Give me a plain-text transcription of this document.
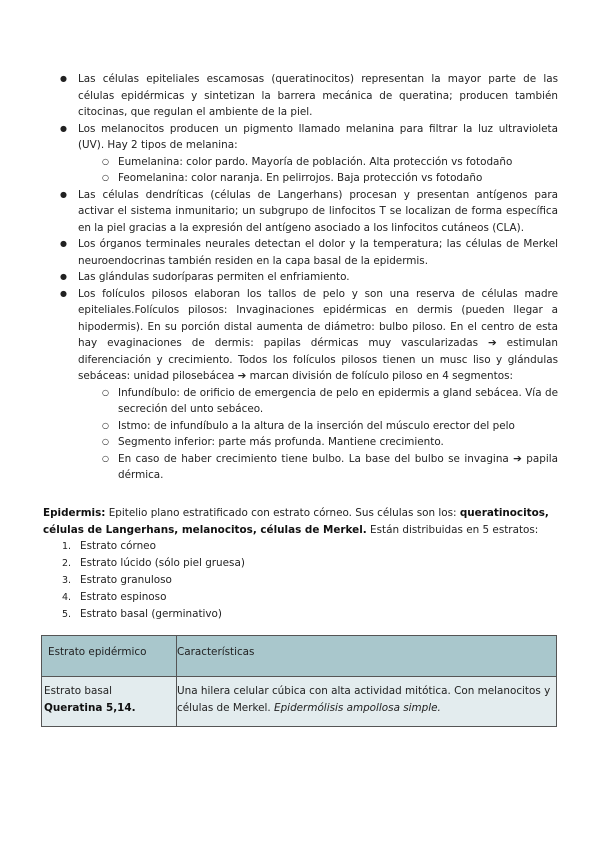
● Las células epiteliales escamosas (queratinocitos) representan la mayor parte de las células epidérmicas y sintetizan la barrera mecánica de queratina; producen también citocinas, que regulan el ambiente de la piel.
● Los melanocitos producen un pigmento llamado melanina para filtrar la luz ultravioleta (UV). Hay 2 tipos de melanina:
○ Eumelanina: color pardo. Mayoría de población. Alta protección vs fotodaño
○ Feomelanina: color naranja. En pelirrojos. Baja protección vs fotodaño
● Las células dendríticas (células de Langerhans) procesan y presentan antígenos para activar el sistema inmunitario; un subgrupo de linfocitos T se localizan de forma específica en la piel gracias a la expresión del antígeno asociado a los linfocitos cutáneos (CLA).
● Los órganos terminales neurales detectan el dolor y la temperatura; las células de Merkel neuroendocrinas también residen en la capa basal de la epidermis.
● Las glándulas sudoríparas permiten el enfriamiento.
● Los folículos pilosos elaboran los tallos de pelo y son una reserva de células madre epiteliales.Folículos pilosos: Invaginaciones epidérmicas en dermis (pueden llegar a hipodermis). En su porción distal aumenta de diámetro: bulbo piloso. En el centro de esta hay evaginaciones de dermis: papilas dérmicas muy vascularizadas ➔ estimulan diferenciación y crecimiento. Todos los folículos pilosos tienen un musc liso y glándulas sebáceas: unidad pilosebácea ➔ marcan división de folículo piloso en 4 segmentos:
○ Infundíbulo: de orificio de emergencia de pelo en epidermis a gland sebácea. Vía de secreción del unto sebáceo.
○ Istmo: de infundíbulo a la altura de la inserción del músculo erector del pelo
○ Segmento inferior: parte más profunda. Mantiene crecimiento.
○ En caso de haber crecimiento tiene bulbo. La base del bulbo se invagina ➔ papila dérmica.

Epidermis: Epitelio plano estratificado con estrato córneo. Sus células son los: queratinocitos, células de Langerhans, melanocitos, células de Merkel. Están distribuidas en 5 estratos:

1. Estrato córneo
2. Estrato lúcido (sólo piel gruesa)
3. Estrato granuloso
4. Estrato espinoso
5. Estrato basal (germinativo)
Estrato epidérmico	Características

Estrato basal
Queratina 5,14.	Una hilera celular cúbica con alta actividad mitótica. Con melanocitos y células de Merkel. Epidermólisis ampollosa simple.
